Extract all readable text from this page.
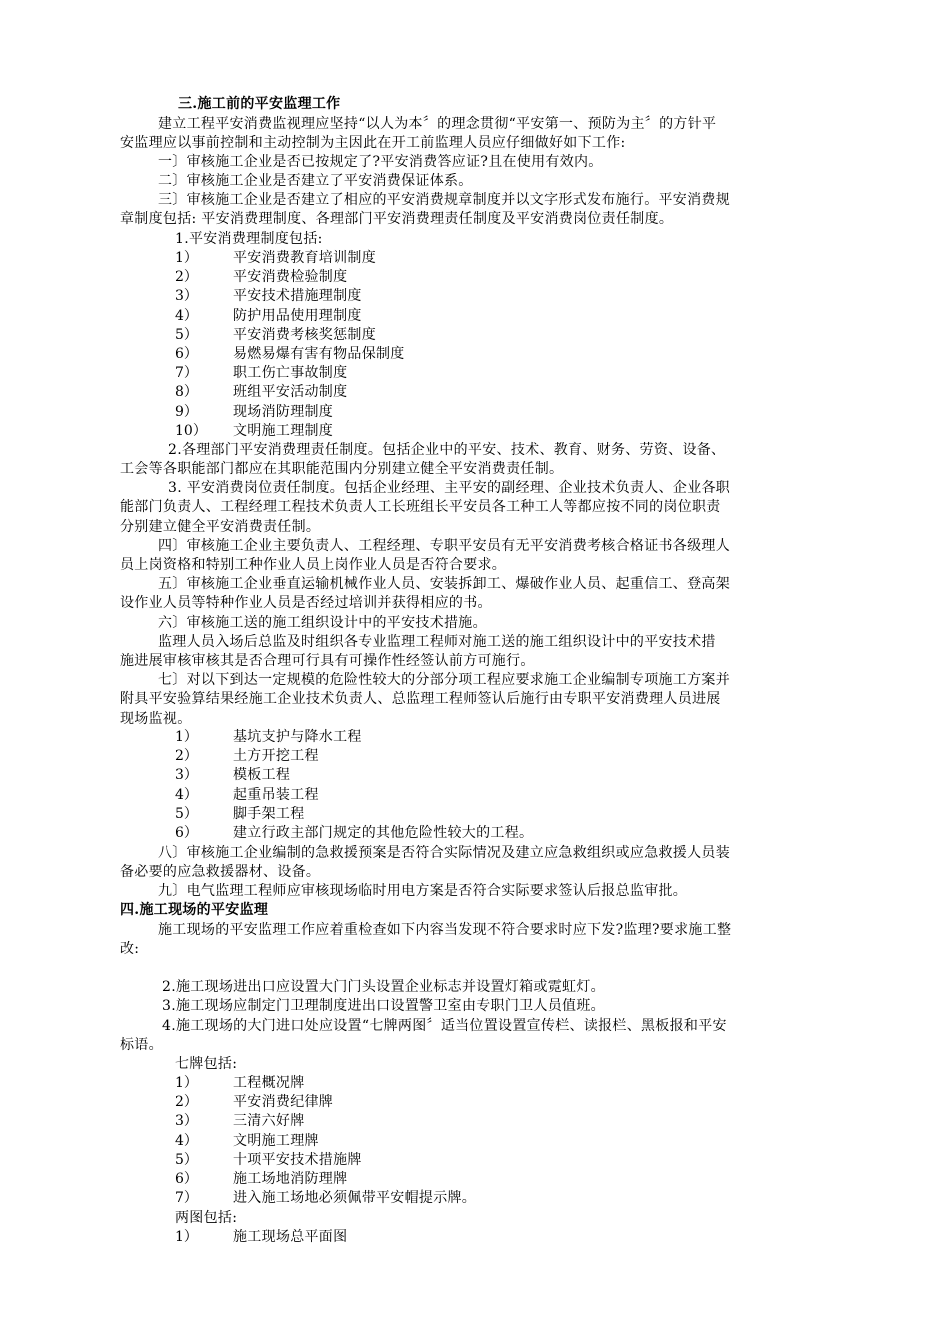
三.施工前的平安监理工作
建立工程平安消费监视理应坚持“以人为本〞的理念贯彻“平安第一、预防为主〞的方针平
安监理应以事前控制和主动控制为主因此在开工前监理人员应仔细做好如下工作:
一〕审核施工企业是否已按规定了?平安消费答应证?且在使用有效内。
二〕审核施工企业是否建立了平安消费保证体系。
三〕审核施工企业是否建立了相应的平安消费规章制度并以文字形式发布施行。平安消费规
章制度包括: 平安消费理制度、各理部门平安消费理责任制度及平安消费岗位责任制度。
1.平安消费理制度包括:
1）	平安消费教育培训制度
2）	平安消费检验制度
3）	平安技术措施理制度
4）	防护用品使用理制度
5）	平安消费考核奖惩制度
6）	易燃易爆有害有物品保制度
7）	职工伤亡事故制度
8）	班组平安活动制度
9）	现场消防理制度
10） 文明施工理制度
2.各理部门平安消费理责任制度。包括企业中的平安、技术、教育、财务、劳资、设备、
工会等各职能部门都应在其职能范围内分别建立健全平安消费责任制。
3. 平安消费岗位责任制度。包括企业经理、主平安的副经理、企业技术负责人、企业各职
能部门负责人、工程经理工程技术负责人工长班组长平安员各工种工人等都应按不同的岗位职责
分别建立健全平安消费责任制。
四〕审核施工企业主要负责人、工程经理、专职平安员有无平安消费考核合格证书各级理人
员上岗资格和特别工种作业人员上岗作业人员是否符合要求。
五〕审核施工企业垂直运输机械作业人员、安装拆卸工、爆破作业人员、起重信工、登高架
设作业人员等特种作业人员是否经过培训并获得相应的书。
六〕审核施工送的施工组织设计中的平安技术措施。
监理人员入场后总监及时组织各专业监理工程师对施工送的施工组织设计中的平安技术措
施进展审核审核其是否合理可行具有可操作性经签认前方可施行。
七〕对以下到达一定规模的危险性较大的分部分项工程应要求施工企业编制专项施工方案并
附具平安验算结果经施工企业技术负责人、总监理工程师签认后施行由专职平安消费理人员进展
现场监视。
1）	基坑支护与降水工程
2）	土方开挖工程
3）	模板工程
4）	起重吊装工程
5）	脚手架工程
6）	建立行政主部门规定的其他危险性较大的工程。
八〕审核施工企业编制的急救援预案是否符合实际情况及建立应急救组织或应急救援人员装
备必要的应急救援器材、设备。
九〕电气监理工程师应审核现场临时用电方案是否符合实际要求签认后报总监审批。
四.施工现场的平安监理
施工现场的平安监理工作应着重检查如下内容当发现不符合要求时应下发?监理?要求施工整
改:
2.施工现场进出口应设置大门门头设置企业标志并设置灯箱或霓虹灯。
3.施工现场应制定门卫理制度进出口设置警卫室由专职门卫人员值班。
4.施工现场的大门进口处应设置“七牌两图〞适当位置设置宣传栏、读报栏、黑板报和平安
标语。
七牌包括:
1）	工程概况牌
2）	平安消费纪律牌
3）	三清六好牌
4）	文明施工理牌
5）	十项平安技术措施牌
6）	施工场地消防理牌
7）	进入施工场地必须佩带平安帽提示牌。
两图包括:
1）	施工现场总平面图
